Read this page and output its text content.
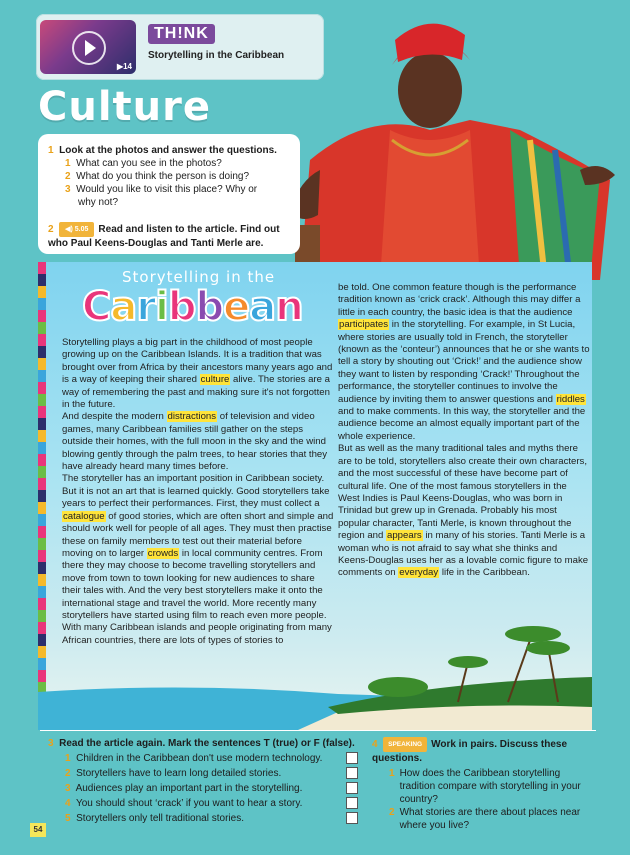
▶14
TH!NK
Storytelling in the Caribbean
Culture
1 Look at the photos and answer the questions.
1 What can you see in the photos?
2 What do you think the person is doing?
3 Would you like to visit this place? Why or
why not?
2 ◀) 5.05 Read and listen to the article. Find out who Paul Keens-Douglas and Tanti Merle are.
Storytelling in the
Caribbean

Storytelling plays a big part in the childhood of most people growing up on the Caribbean Islands. It is a tradition that was brought over from Africa by their ancestors many years ago and is a way of keeping their shared culture alive. The stories are a way of remembering the past and making sure it's not forgotten in the future.

And despite the modern distractions of television and video games, many Caribbean families still gather on the steps outside their homes, with the full moon in the sky and the wind blowing gently through the palm trees, to hear stories that they have already heard many times before.

The storyteller has an important position in Caribbean society. But it is not an art that is learned quickly. Good storytellers take years to perfect their performances. First, they must collect a catalogue of good stories, which are often short and simple and should work well for people of all ages. They must then practise these on family members to test out their material before moving on to larger crowds in local community centres. From there they may choose to become travelling storytellers and move from town to town looking for new audiences to share their tales with. And the very best storytellers make it onto the international stage and travel the world. More recently many storytellers have started using film to reach even more people.

With many Caribbean islands and people originating from many African countries, there are lots of types of stories to

be told. One common feature though is the performance tradition known as ‘crick crack’. Although this may differ a little in each country, the basic idea is that the audience participates in the storytelling. For example, in St Lucia, where stories are usually told in French, the storyteller (known as the ‘conteur’) announces that he or she wants to tell a story by shouting out ‘Crick!’ and the audience show they want to listen by responding ‘Crack!’ Throughout the performance, the storyteller continues to involve the audience by inviting them to answer questions and riddles and to make comments. In this way, the storyteller and the audience become an almost equally important part of the whole experience.

But as well as the many traditional tales and myths there are to be told, storytellers also create their own characters, and the most successful of these have become part of cultural life. One of the most famous storytellers in the West Indies is Paul Keens-Douglas, who was born in Trinidad but grew up in Grenada. Probably his most popular character, Tanti Merle, is known throughout the region and appears in many of his stories. Tanti Merle is a woman who is not afraid to say what she thinks and Keens-Douglas uses her as a lovable comic figure to make comments on everyday life in the Caribbean.

3 Read the article again. Mark the sentences T (true) or F (false).
1 Children in the Caribbean don't use modern technology.
2 Storytellers have to learn long detailed stories.
3 Audiences play an important part in the storytelling.
4 You should shout ‘crack’ if you want to hear a story.
5 Storytellers only tell traditional stories.
4 SPEAKING Work in pairs. Discuss these questions.
1 How does the Caribbean storytelling tradition compare with storytelling in your country?
2 What stories are there about places near where you live?
54
